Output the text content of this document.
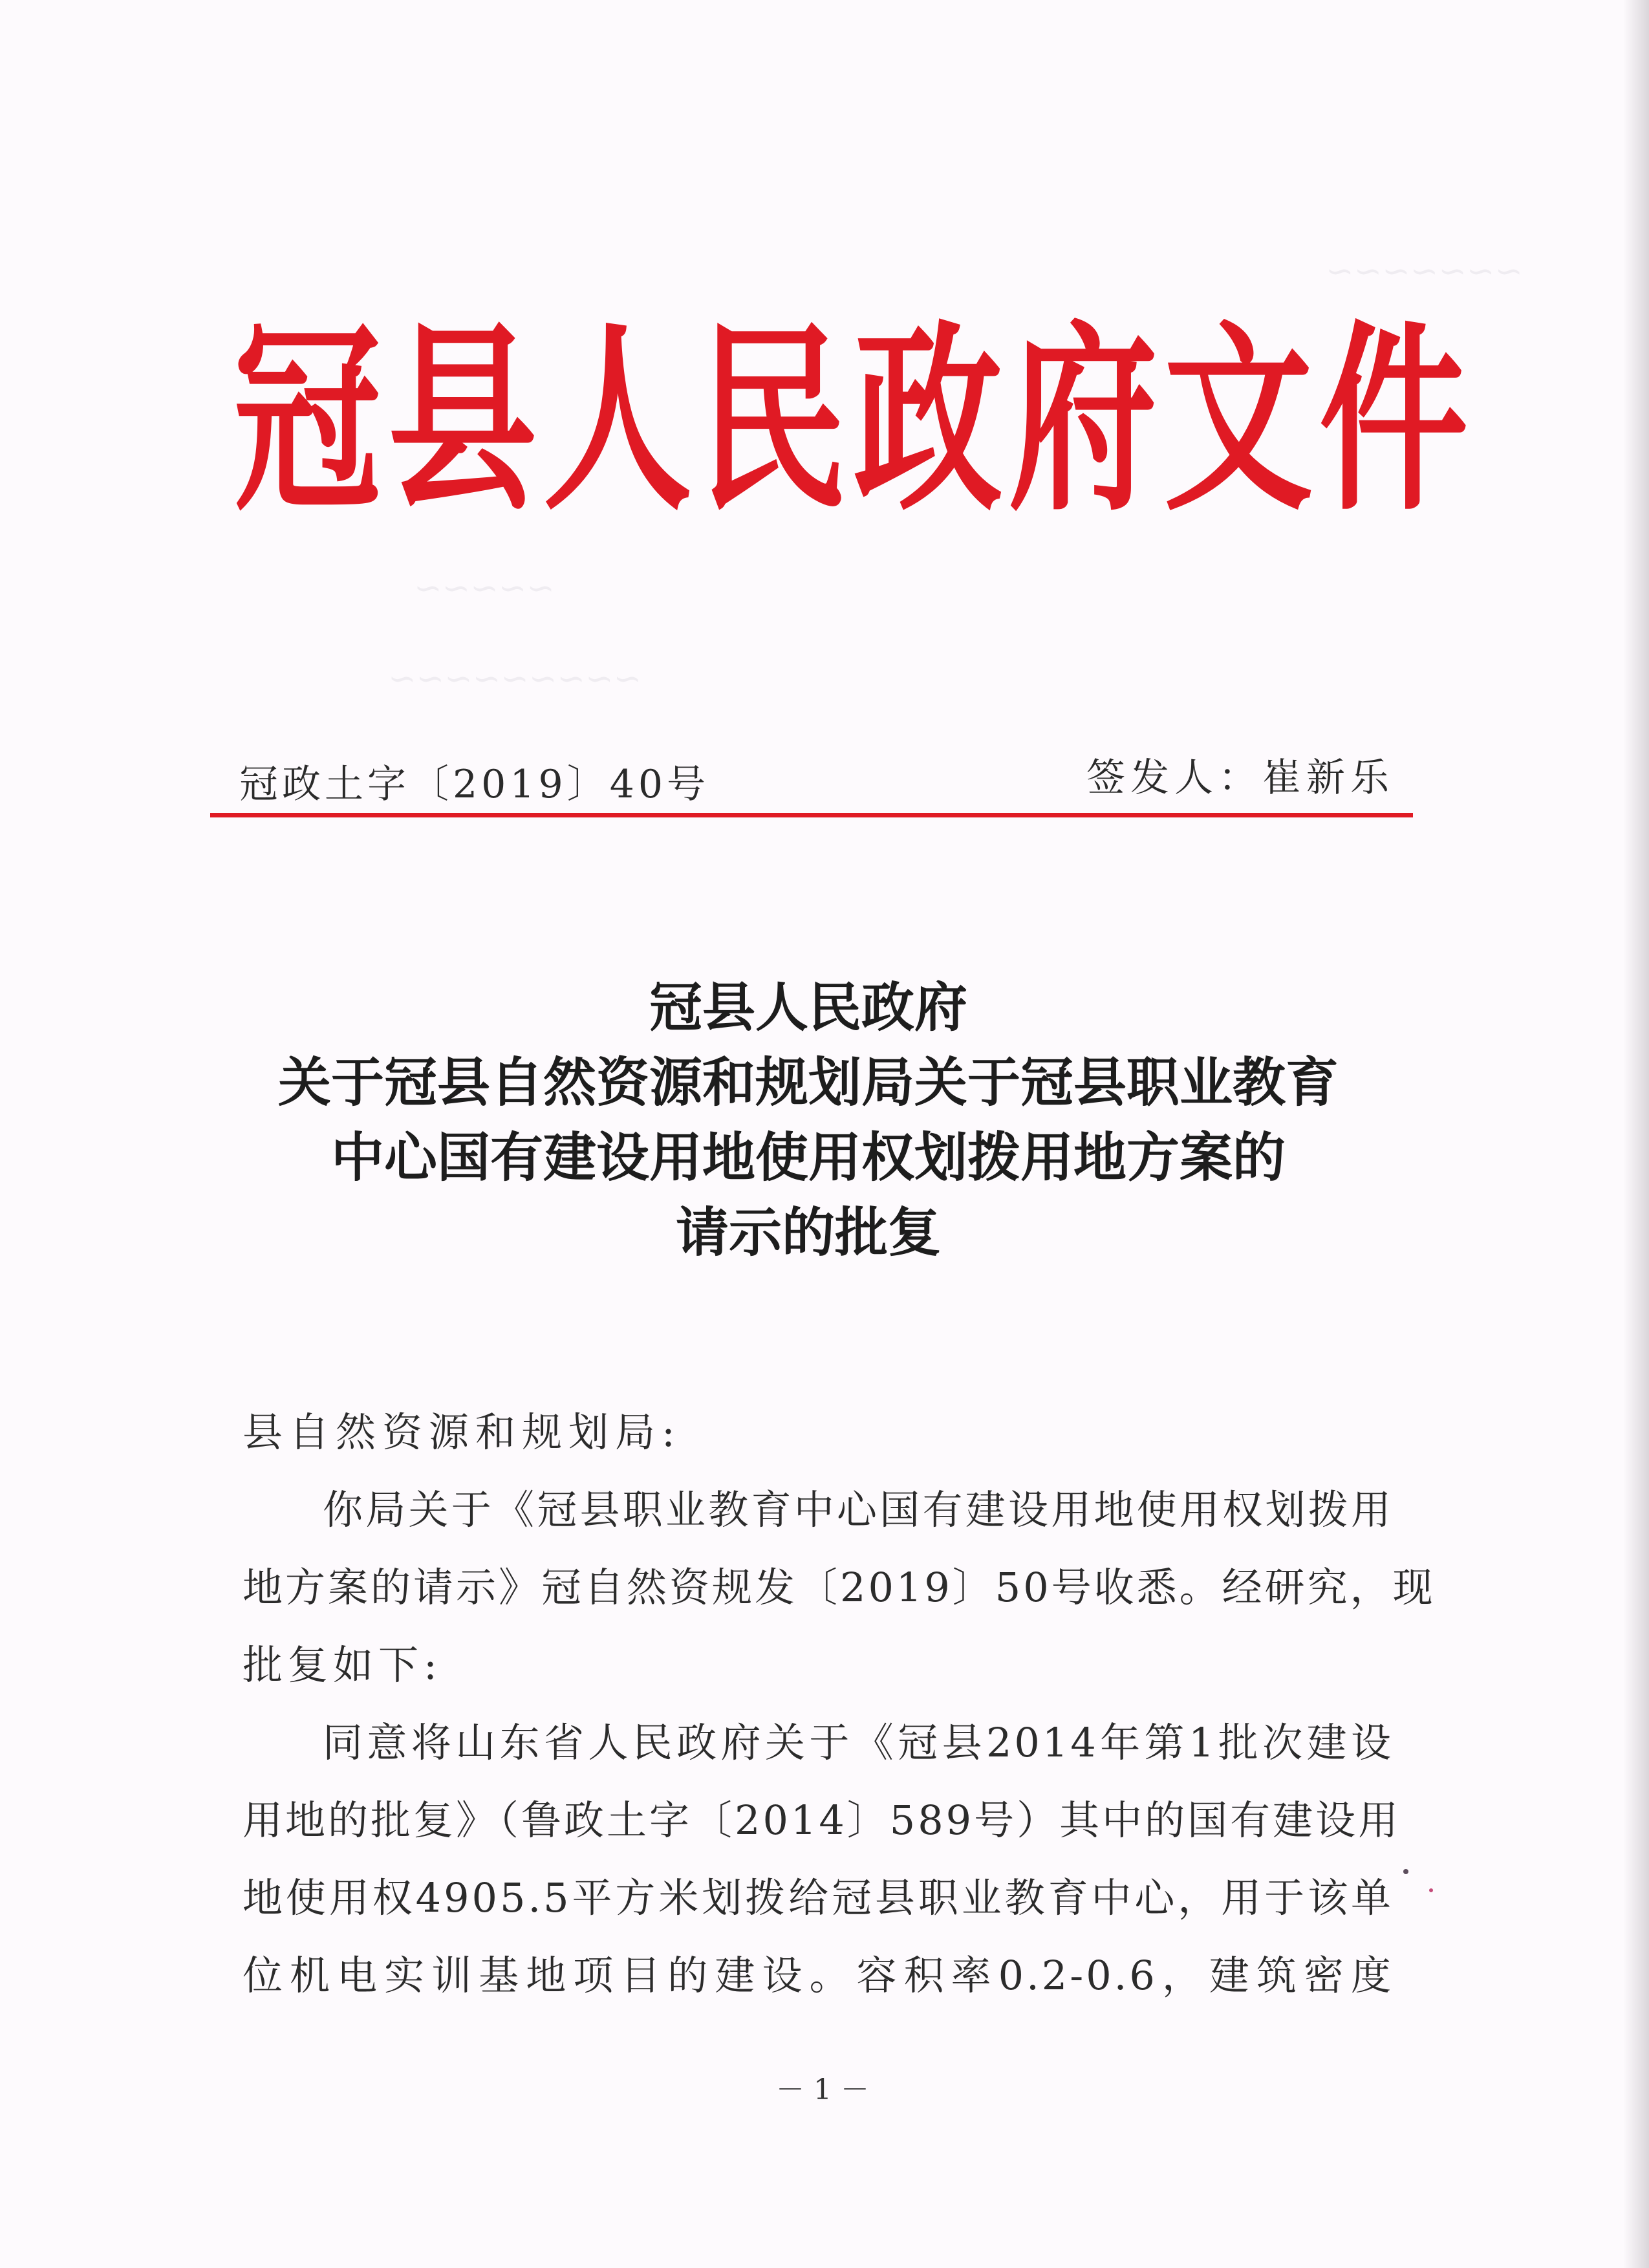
~~~~~~~
~~~~~
~~~~~~~~~
冠县人民政府文件
冠政土字〔2019〕40号	签发人：崔新乐
冠县人民政府
关于冠县自然资源和规划局关于冠县职业教育
中心国有建设用地使用权划拨用地方案的
请示的批复
县自然资源和规划局:
你局关于《冠县职业教育中心国有建设用地使用权划拨用
地方案的请示》冠自然资规发〔2019〕50号收悉。经研究，现
批复如下:
同意将山东省人民政府关于《冠县2014年第1批次建设
用地的批复》（鲁政土字〔2014〕589号）其中的国有建设用
地使用权4905.5平方米划拨给冠县职业教育中心，用于该单
位机电实训基地项目的建设。容积率0.2-0.6，建筑密度
－1－
